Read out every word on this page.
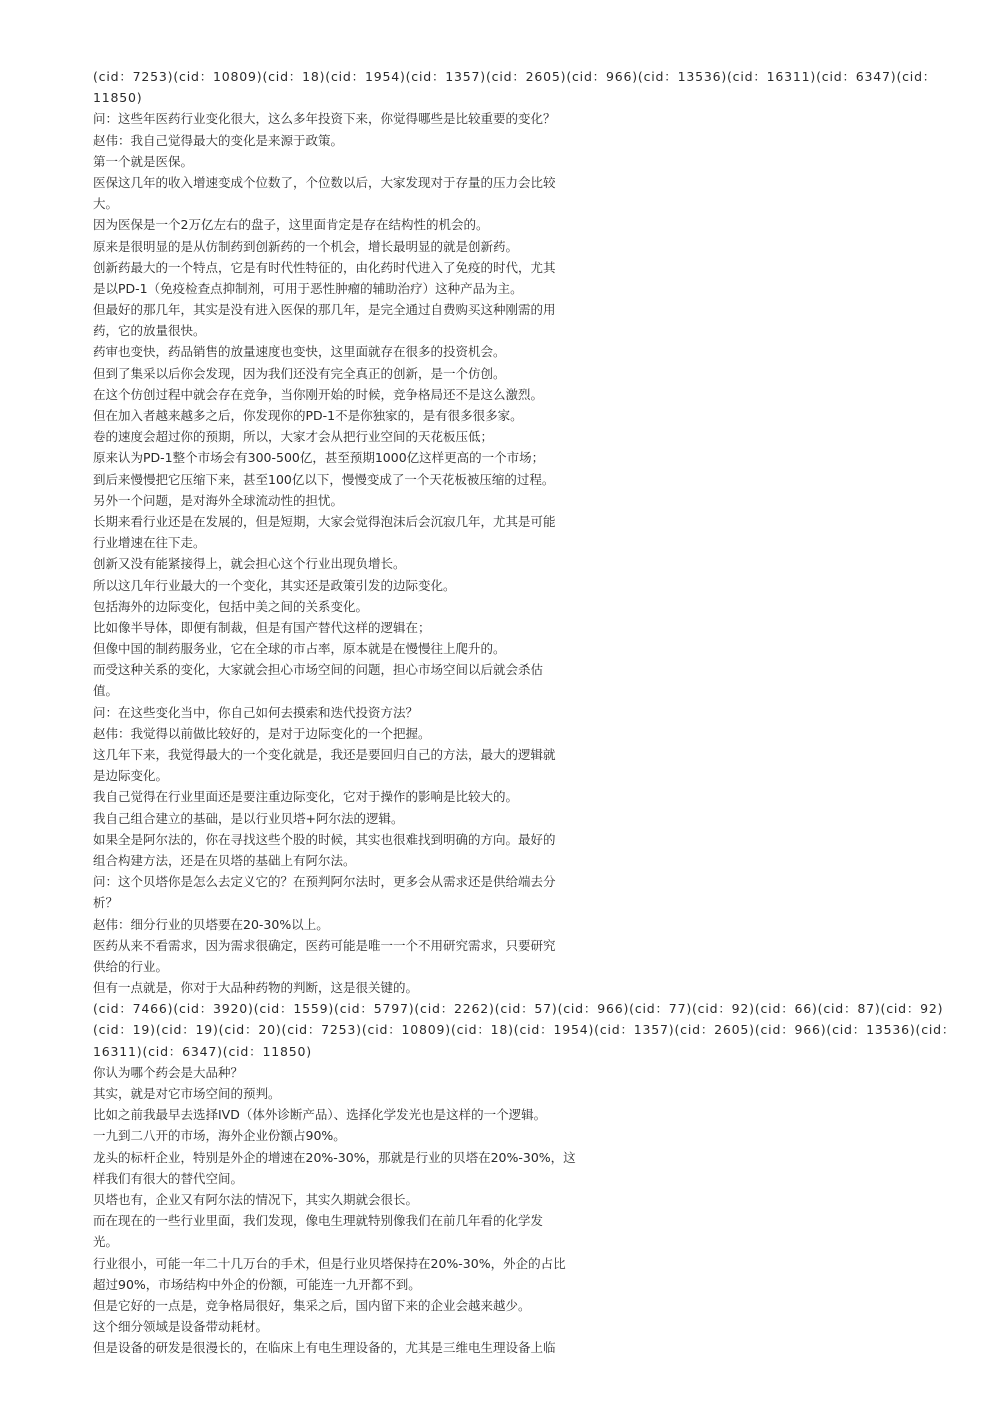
(cid：7253)(cid：10809)(cid：18)(cid：1954)(cid：1357)(cid：2605)(cid：966)(cid：13536)(cid：16311)(cid：6347)(cid：
11850)
问：这些年医药行业变化很大，这么多年投资下来，你觉得哪些是比较重要的变化？
赵伟：我自己觉得最大的变化是来源于政策。
第一个就是医保。
医保这几年的收入增速变成个位数了，个位数以后，大家发现对于存量的压力会比较
大。
因为医保是一个2万亿左右的盘子，这里面肯定是存在结构性的机会的。
原来是很明显的是从仿制药到创新药的一个机会，增长最明显的就是创新药。
创新药最大的一个特点，它是有时代性特征的，由化药时代进入了免疫的时代，尤其
是以PD-1（免疫检查点抑制剂，可用于恶性肿瘤的辅助治疗）这种产品为主。
但最好的那几年，其实是没有进入医保的那几年，是完全通过自费购买这种刚需的用
药，它的放量很快。
药审也变快，药品销售的放量速度也变快，这里面就存在很多的投资机会。
但到了集采以后你会发现，因为我们还没有完全真正的创新，是一个仿创。
在这个仿创过程中就会存在竞争，当你刚开始的时候，竞争格局还不是这么激烈。
但在加入者越来越多之后，你发现你的PD-1不是你独家的，是有很多很多家。
卷的速度会超过你的预期，所以，大家才会从把行业空间的天花板压低；
原来认为PD-1整个市场会有300-500亿，甚至预期1000亿这样更高的一个市场；
到后来慢慢把它压缩下来，甚至100亿以下，慢慢变成了一个天花板被压缩的过程。
另外一个问题，是对海外全球流动性的担忧。
长期来看行业还是在发展的，但是短期，大家会觉得泡沫后会沉寂几年，尤其是可能
行业增速在往下走。
创新又没有能紧接得上，就会担心这个行业出现负增长。
所以这几年行业最大的一个变化，其实还是政策引发的边际变化。
包括海外的边际变化，包括中美之间的关系变化。
比如像半导体，即便有制裁，但是有国产替代这样的逻辑在；
但像中国的制药服务业，它在全球的市占率，原本就是在慢慢往上爬升的。
而受这种关系的变化，大家就会担心市场空间的问题，担心市场空间以后就会杀估
值。
问：在这些变化当中，你自己如何去摸索和迭代投资方法？
赵伟：我觉得以前做比较好的，是对于边际变化的一个把握。
这几年下来，我觉得最大的一个变化就是，我还是要回归自己的方法，最大的逻辑就
是边际变化。
我自己觉得在行业里面还是要注重边际变化，它对于操作的影响是比较大的。
我自己组合建立的基础，是以行业贝塔+阿尔法的逻辑。
如果全是阿尔法的，你在寻找这些个股的时候，其实也很难找到明确的方向。最好的
组合构建方法，还是在贝塔的基础上有阿尔法。
问：这个贝塔你是怎么去定义它的？在预判阿尔法时，更多会从需求还是供给端去分
析？
赵伟：细分行业的贝塔要在20-30%以上。
医药从来不看需求，因为需求很确定，医药可能是唯一一个不用研究需求，只要研究
供给的行业。
但有一点就是，你对于大品种药物的判断，这是很关键的。
(cid：7466)(cid：3920)(cid：1559)(cid：5797)(cid：2262)(cid：57)(cid：966)(cid：77)(cid：92)(cid：66)(cid：87)(cid：92)
(cid：19)(cid：19)(cid：20)(cid：7253)(cid：10809)(cid：18)(cid：1954)(cid：1357)(cid：2605)(cid：966)(cid：13536)(cid：
16311)(cid：6347)(cid：11850)
你认为哪个药会是大品种？
其实，就是对它市场空间的预判。
比如之前我最早去选择IVD（体外诊断产品）、选择化学发光也是这样的一个逻辑。
一九到二八开的市场，海外企业份额占90%。
龙头的标杆企业，特别是外企的增速在20%-30%，那就是行业的贝塔在20%-30%，这
样我们有很大的替代空间。
贝塔也有，企业又有阿尔法的情况下，其实久期就会很长。
而在现在的一些行业里面，我们发现，像电生理就特别像我们在前几年看的化学发
光。
行业很小，可能一年二十几万台的手术，但是行业贝塔保持在20%-30%，外企的占比
超过90%，市场结构中外企的份额，可能连一九开都不到。
但是它好的一点是，竞争格局很好，集采之后，国内留下来的企业会越来越少。
这个细分领域是设备带动耗材。
但是设备的研发是很漫长的，在临床上有电生理设备的，尤其是三维电生理设备上临
